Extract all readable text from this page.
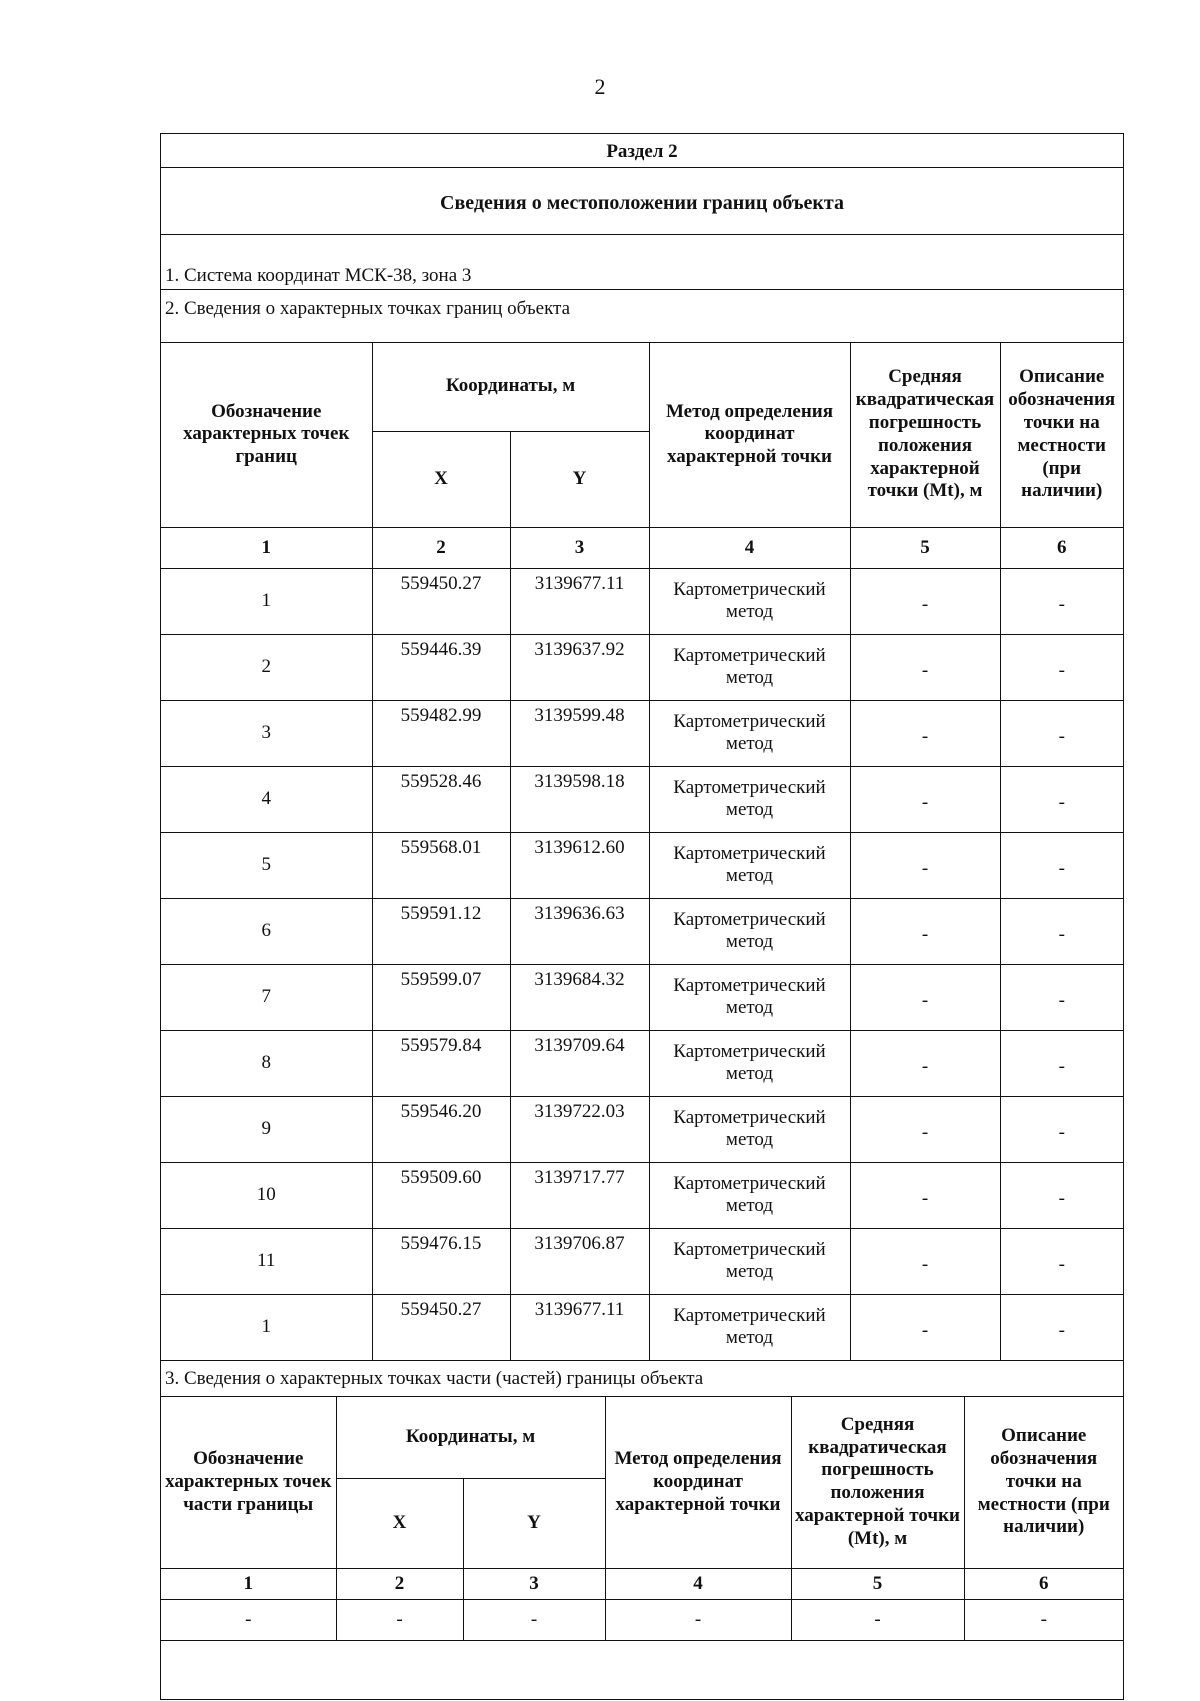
2
Раздел 2
Сведения о местоположении границ объекта
1. Система координат МСК-38, зона 3
2. Сведения о характерных точках границ объекта
Обозначение характерных точек границ	Координаты, м		Метод определения координат характерной точки	Средняя квадратическая погрешность положения характерной точки (Mt), м	Описание обозначения точки на местности (при наличии)
	X	Y			
1	2	3	4	5	6
1	559450.27	3139677.11	Картометрический метод	-	-
2	559446.39	3139637.92	Картометрический метод	-	-
3	559482.99	3139599.48	Картометрический метод	-	-
4	559528.46	3139598.18	Картометрический метод	-	-
5	559568.01	3139612.60	Картометрический метод	-	-
6	559591.12	3139636.63	Картометрический метод	-	-
7	559599.07	3139684.32	Картометрический метод	-	-
8	559579.84	3139709.64	Картометрический метод	-	-
9	559546.20	3139722.03	Картометрический метод	-	-
10	559509.60	3139717.77	Картометрический метод	-	-
11	559476.15	3139706.87	Картометрический метод	-	-
1	559450.27	3139677.11	Картометрический метод	-	-
3. Сведения о характерных точках части (частей) границы объекта
Обозначение характерных точек части границы	Координаты, м		Метод определения координат характерной точки	Средняя квадратическая погрешность положения характерной точки (Mt), м	Описание обозначения точки на местности (при наличии)
	X	Y			
1	2	3	4	5	6
-	-	-	-	-	-
